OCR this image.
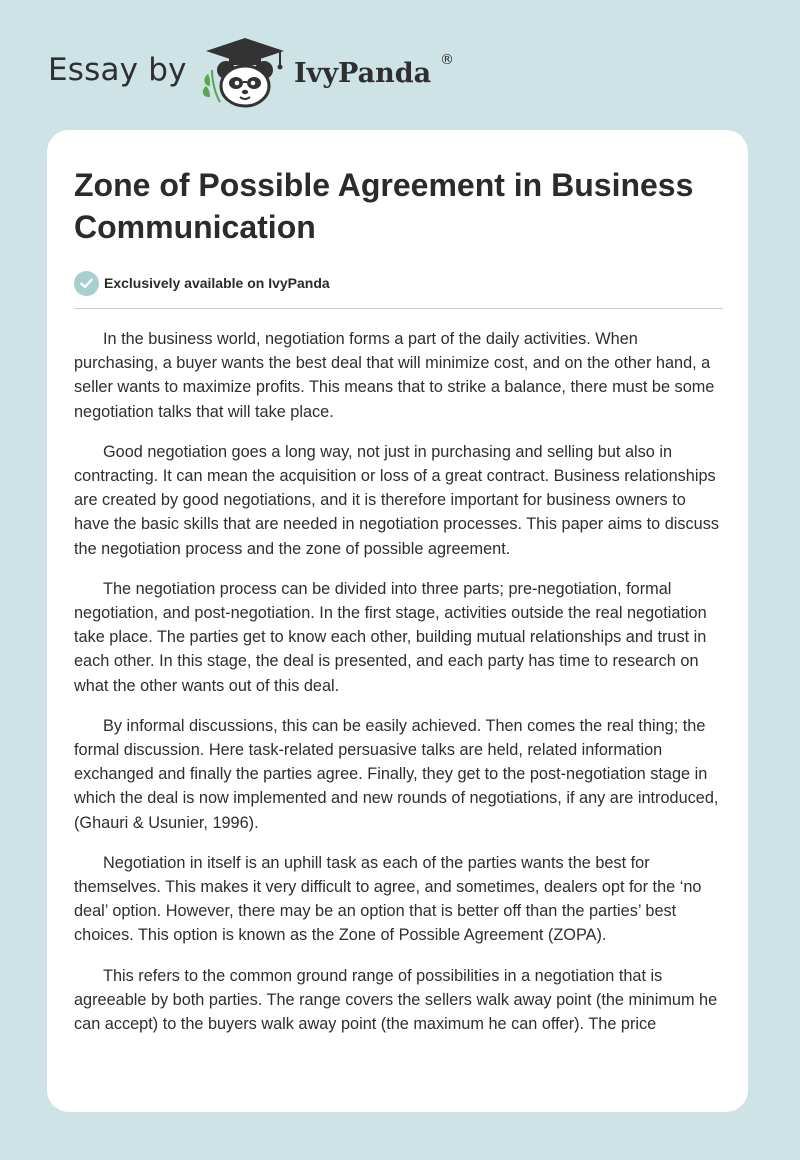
Essay by	IvyPanda ®
Zone of Possible Agreement in Business Communication
Exclusively available on IvyPanda

In the business world, negotiation forms a part of the daily activities. When purchasing, a buyer wants the best deal that will minimize cost, and on the other hand, a seller wants to maximize profits. This means that to strike a balance, there must be some negotiation talks that will take place.

Good negotiation goes a long way, not just in purchasing and selling but also in contracting. It can mean the acquisition or loss of a great contract. Business relationships are created by good negotiations, and it is therefore important for business owners to have the basic skills that are needed in negotiation processes. This paper aims to discuss the negotiation process and the zone of possible agreement.

The negotiation process can be divided into three parts; pre-negotiation, formal negotiation, and post-negotiation. In the first stage, activities outside the real negotiation take place. The parties get to know each other, building mutual relationships and trust in each other. In this stage, the deal is presented, and each party has time to research on what the other wants out of this deal.

By informal discussions, this can be easily achieved. Then comes the real thing; the formal discussion. Here task-related persuasive talks are held, related information exchanged and finally the parties agree. Finally, they get to the post-negotiation stage in which the deal is now implemented and new rounds of negotiations, if any are introduced, (Ghauri & Usunier, 1996).

Negotiation in itself is an uphill task as each of the parties wants the best for themselves. This makes it very difficult to agree, and sometimes, dealers opt for the ‘no deal’ option. However, there may be an option that is better off than the parties’ best choices. This option is known as the Zone of Possible Agreement (ZOPA).

This refers to the common ground range of possibilities in a negotiation that is agreeable by both parties. The range covers the sellers walk away point (the minimum he can accept) to the buyers walk away point (the maximum he can offer). The price
